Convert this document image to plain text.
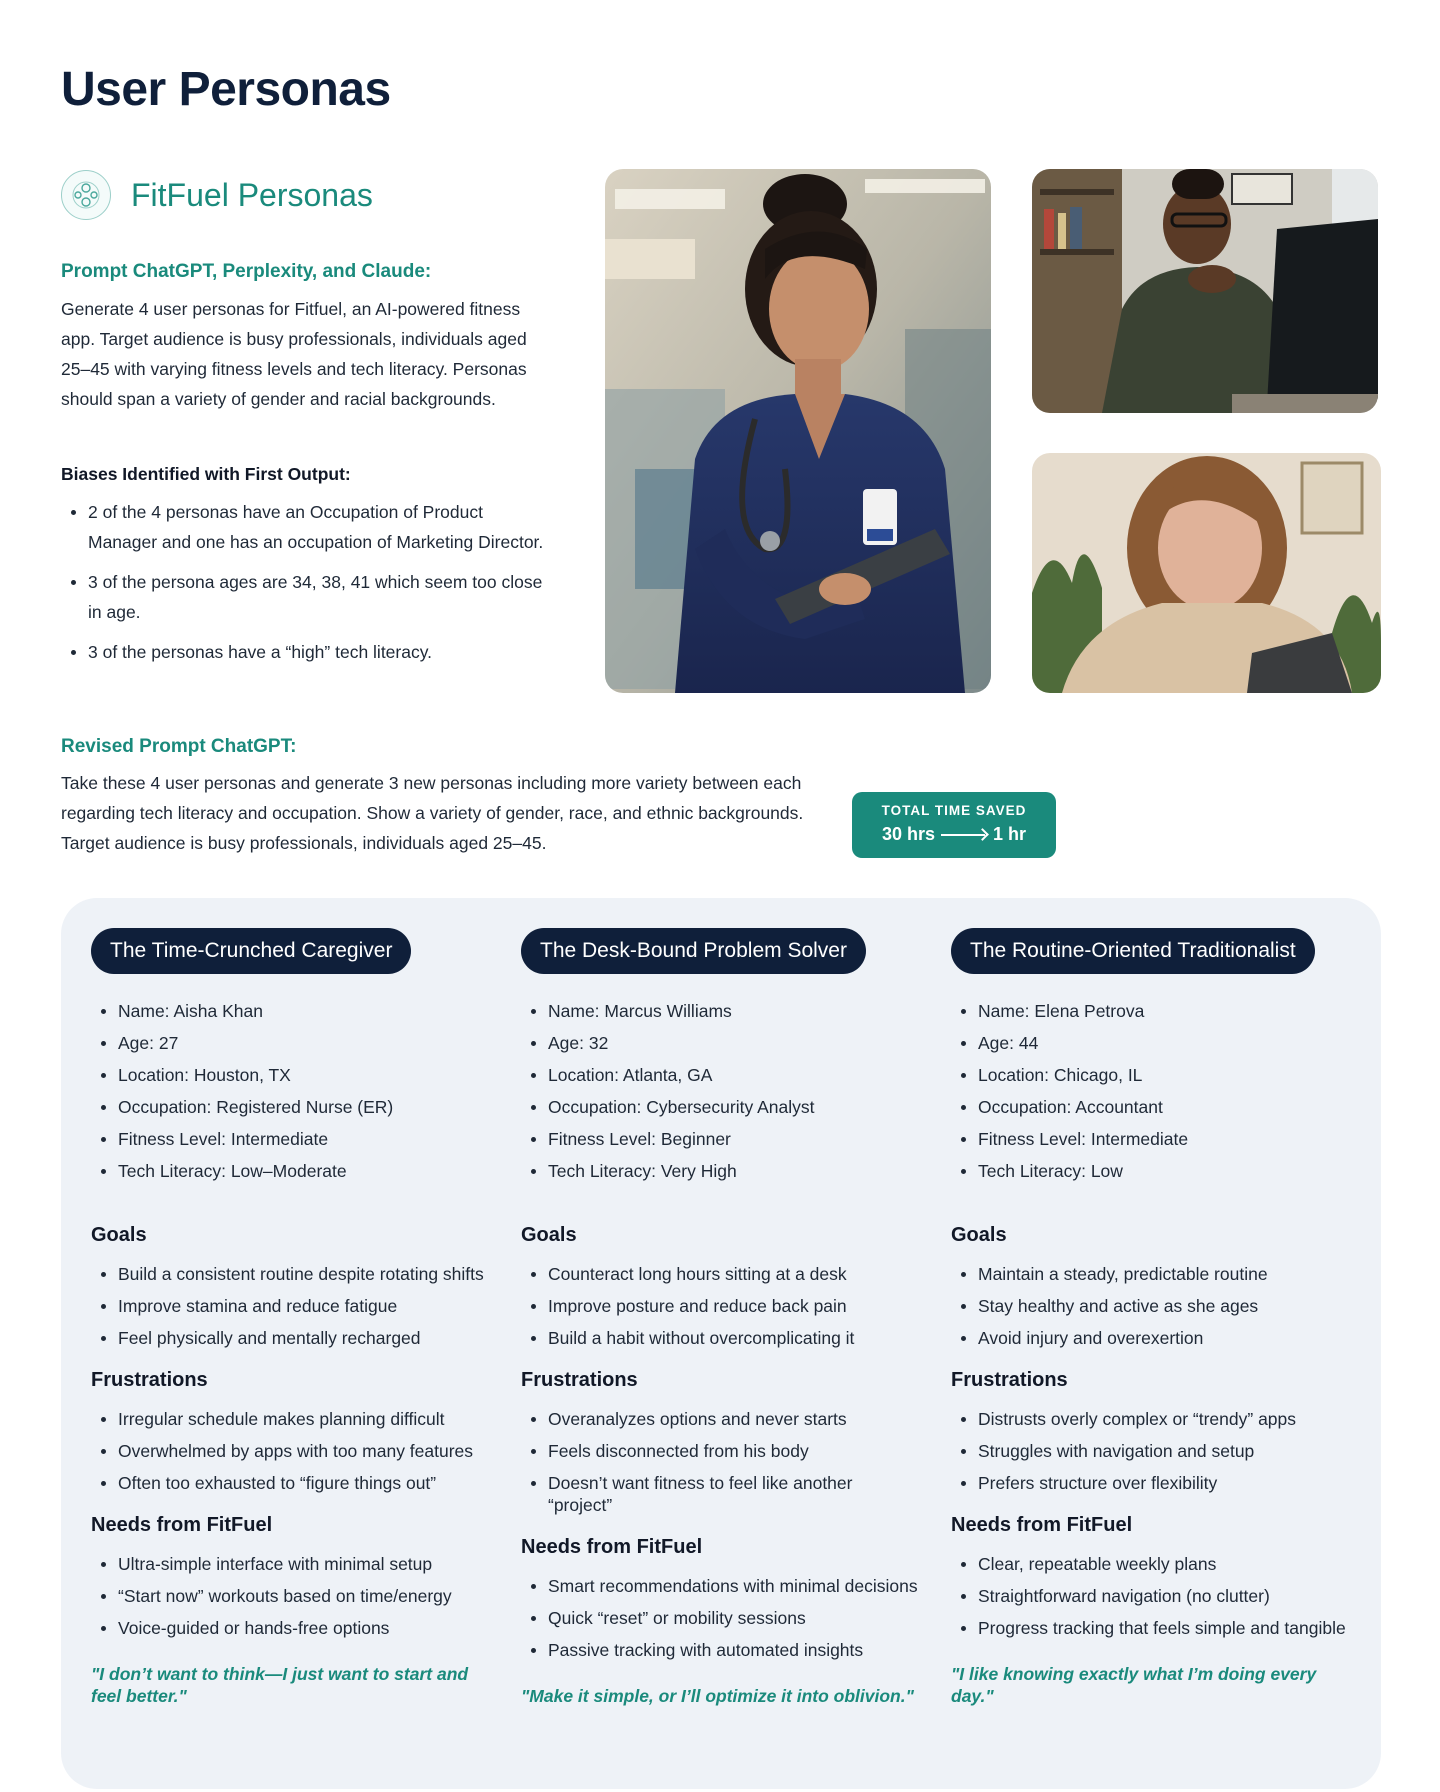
User Personas
FitFuel Personas
Prompt ChatGPT, Perplexity, and Claude:

Generate 4 user personas for Fitfuel, an AI-powered fitness app. Target audience is busy professionals, individuals aged 25–45 with varying fitness levels and tech literacy. Personas should span a variety of gender and racial backgrounds.

Biases Identified with First Output:
2 of the 4 personas have an Occupation of Product Manager and one has an occupation of Marketing Director.
3 of the persona ages are 34, 38, 41 which seem too close in age.
3 of the personas have a “high” tech literacy.
Revised Prompt ChatGPT:

Take these 4 user personas and generate 3 new personas including more variety between each regarding tech literacy and occupation. Show a variety of gender, race, and ethnic backgrounds. Target audience is busy professionals, individuals aged 25–45.

TOTAL TIME SAVED
30 hrs	1 hr
The Time-Crunched Caregiver
Name: Aisha Khan
Age: 27
Location: Houston, TX
Occupation: Registered Nurse (ER)
Fitness Level: Intermediate
Tech Literacy: Low–Moderate
Goals
Build a consistent routine despite rotating shifts
Improve stamina and reduce fatigue
Feel physically and mentally recharged
Frustrations
Irregular schedule makes planning difficult
Overwhelmed by apps with too many features
Often too exhausted to “figure things out”
Needs from FitFuel
Ultra-simple interface with minimal setup
“Start now” workouts based on time/energy
Voice-guided or hands-free options
"I don’t want to think—I just want to start and feel better."
The Desk-Bound Problem Solver
Name: Marcus Williams
Age: 32
Location: Atlanta, GA
Occupation: Cybersecurity Analyst
Fitness Level: Beginner
Tech Literacy: Very High
Goals
Counteract long hours sitting at a desk
Improve posture and reduce back pain
Build a habit without overcomplicating it
Frustrations
Overanalyzes options and never starts
Feels disconnected from his body
Doesn’t want fitness to feel like another “project”
Needs from FitFuel
Smart recommendations with minimal decisions
Quick “reset” or mobility sessions
Passive tracking with automated insights
"Make it simple, or I’ll optimize it into oblivion."
The Routine-Oriented Traditionalist
Name: Elena Petrova
Age: 44
Location: Chicago, IL
Occupation: Accountant
Fitness Level: Intermediate
Tech Literacy: Low
Goals
Maintain a steady, predictable routine
Stay healthy and active as she ages
Avoid injury and overexertion
Frustrations
Distrusts overly complex or “trendy” apps
Struggles with navigation and setup
Prefers structure over flexibility
Needs from FitFuel
Clear, repeatable weekly plans
Straightforward navigation (no clutter)
Progress tracking that feels simple and tangible
"I like knowing exactly what I’m doing every day."
